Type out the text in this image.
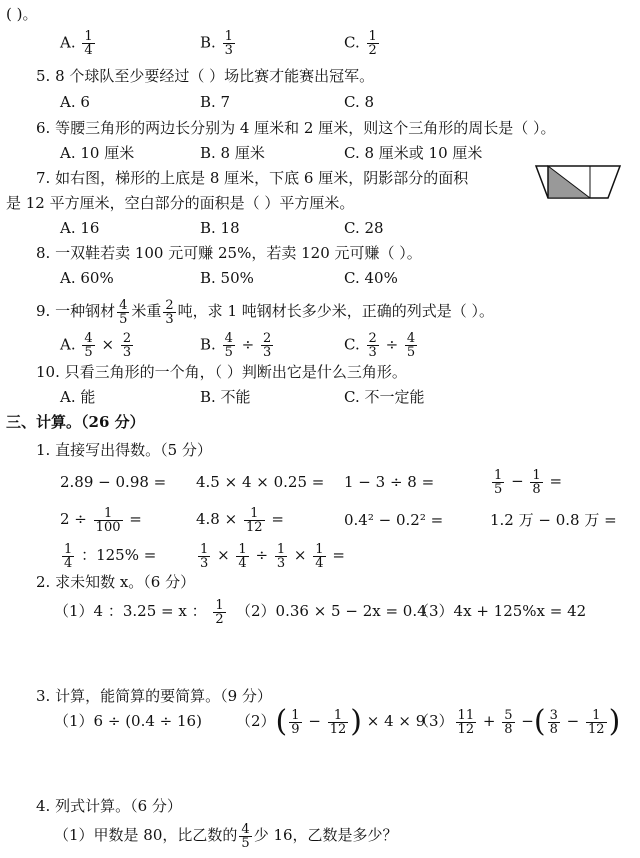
( )。
A. $\frac{1}{4}$	B. $\frac{1}{3}$	C. $\frac{1}{2}$
5. 8 个球队至少要经过（ ）场比赛才能赛出冠军。
A. 6	B. 7	C. 8
6. 等腰三角形的两边长分别为 4 厘米和 2 厘米，则这个三角形的周长是（ ）。
A. 10 厘米	B. 8 厘米	C. 8 厘米或 10 厘米
7. 如右图，梯形的上底是 8 厘米，下底 6 厘米，阴影部分的面积
是 12 平方厘米，空白部分的面积是（ ）平方厘米。
A. 16	B. 18	C. 28
8. 一双鞋若卖 100 元可赚 25%，若卖 120 元可赚（ ）。
A. 60%	B. 50%	C. 40%
9. 一种钢材 $\frac{4}{5}$ 米重 $\frac{2}{3}$ 吨，求 1 吨钢材长多少米，正确的列式是（ ）。
A. $\frac{4}{5} \times \frac{2}{3}$	B. $\frac{4}{5} \div \frac{2}{3}$	C. $\frac{2}{3} \div \frac{4}{5}$
10. 只看三角形的一个角，（ ）判断出它是什么三角形。
A. 能	B. 不能	C. 不一定能
三、计算。（26 分）
1. 直接写出得数。（5 分）
2.89 − 0.98 = 4.5 × 4 × 0.25 = 1 − 3 ÷ 8 =	$\frac{1}{5} - \frac{1}{8}$ =
$2 \div \frac{1}{100}$ =	$4.8 \times \frac{1}{12}$ =	0.4² − 0.2² =	1.2 万 − 0.8 万 =
$\frac{1}{4}$ ：125% =	$\frac{1}{3} \times \frac{1}{4} \div \frac{1}{3} \times \frac{1}{4}$ =
2. 求未知数 x。（6 分）
（1）4 ：3.25 = x ： $\frac{1}{2} (2)0.36 \times 5 - 2x = 0.4$
（3）4x + 125%x = 42
3. 计算，能简算的要简算。（9 分）
（1）6 ÷ (0.4 ÷ 16) $(2)( \frac{1}{9} - \frac{1}{12}$ ) × 4 × 9
$(3) \frac{11}{12} + \frac{5}{8}$ −( $\frac{3}{8} - \frac{1}{12}$ )
4. 列式计算。（6 分）
（1）甲数是 80，比乙数的 $\frac{4}{5}$ 少 16，乙数是多少？
